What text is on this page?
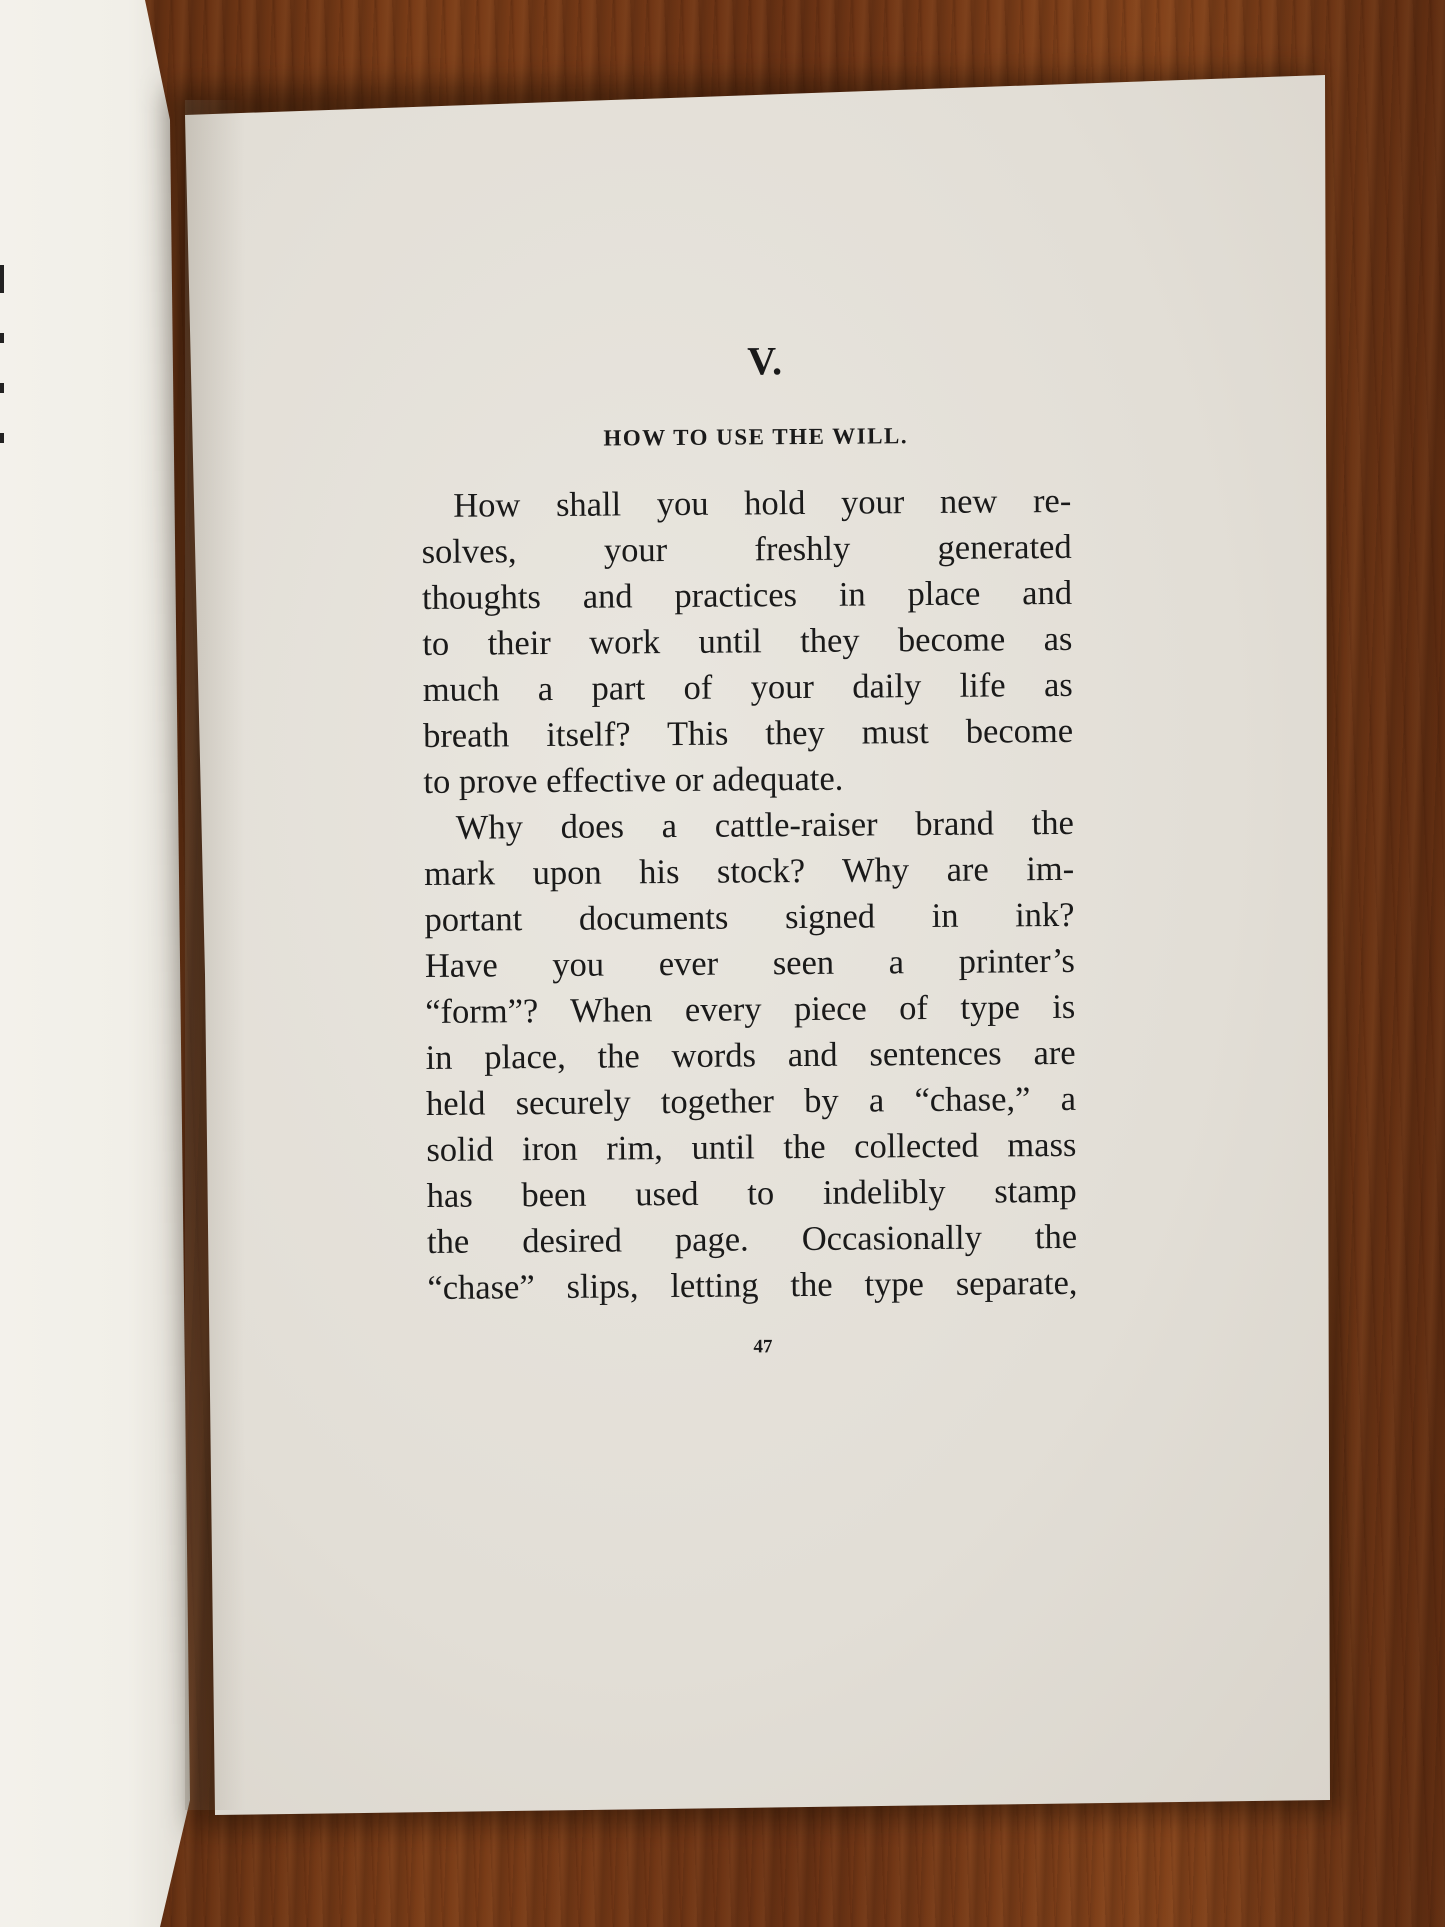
V.
HOW TO USE THE WILL.
How shall you hold your new re-
solves, your freshly generated
thoughts and practices in place and
to their work until they become as
much a part of your daily life as
breath itself? This they must become
to prove effective or adequate.
Why does a cattle-raiser brand the
mark upon his stock? Why are im-
portant documents signed in ink?
Have you ever seen a printer’s
“form”? When every piece of type is
in place, the words and sentences are
held securely together by a “chase,” a
solid iron rim, until the collected mass
has been used to indelibly stamp
the desired page. Occasionally the
“chase” slips, letting the type separate,
47
